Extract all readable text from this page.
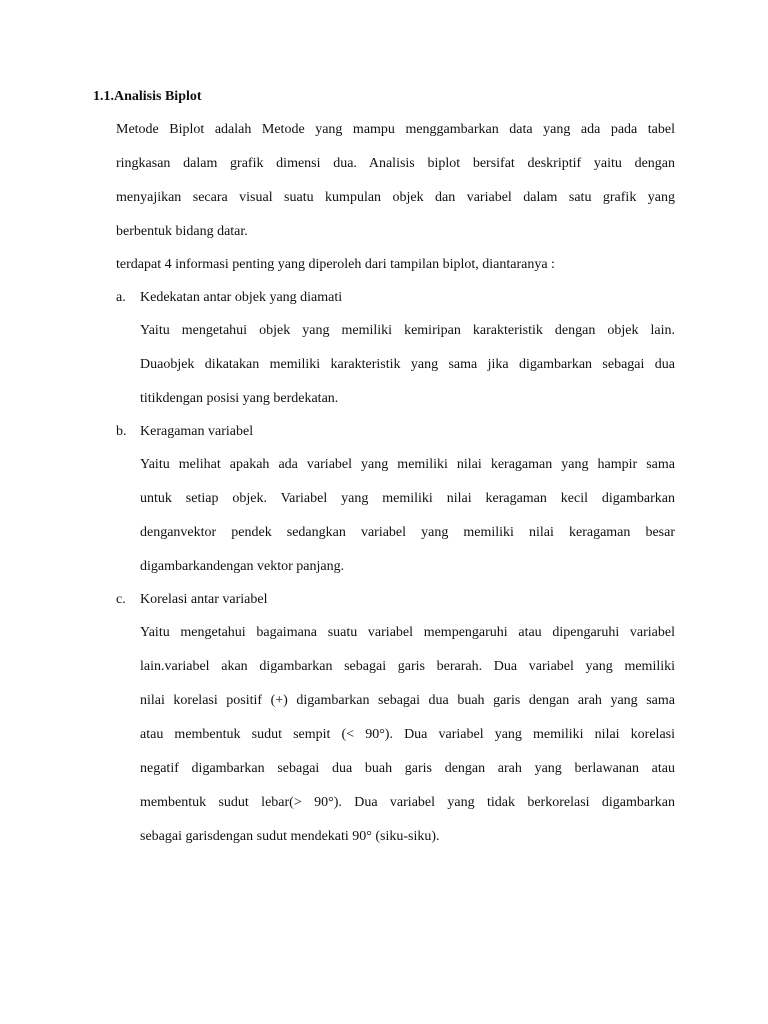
1.1.Analisis Biplot
Metode Biplot adalah Metode yang mampu menggambarkan data yang ada pada tabel
ringkasan dalam grafik dimensi dua. Analisis biplot bersifat deskriptif yaitu dengan
menyajikan secara visual suatu kumpulan objek dan variabel dalam satu grafik yang
berbentuk bidang datar.
terdapat 4 informasi penting yang diperoleh dari tampilan biplot, diantaranya :
a. Kedekatan antar objek yang diamati
Yaitu mengetahui objek yang memiliki kemiripan karakteristik dengan objek lain.
Duaobjek dikatakan memiliki karakteristik yang sama jika digambarkan sebagai dua
titikdengan posisi yang berdekatan.
b. Keragaman variabel
Yaitu melihat apakah ada variabel yang memiliki nilai keragaman yang hampir sama
untuk setiap objek. Variabel yang memiliki nilai keragaman kecil digambarkan
denganvektor pendek sedangkan variabel yang memiliki nilai keragaman besar
digambarkandengan vektor panjang.
c. Korelasi antar variabel
Yaitu mengetahui bagaimana suatu variabel mempengaruhi atau dipengaruhi variabel
lain.variabel akan digambarkan sebagai garis berarah. Dua variabel yang memiliki
nilai korelasi positif (+) digambarkan sebagai dua buah garis dengan arah yang sama
atau membentuk sudut sempit (< 90°). Dua variabel yang memiliki nilai korelasi
negatif digambarkan sebagai dua buah garis dengan arah yang berlawanan atau
membentuk sudut lebar(> 90°). Dua variabel yang tidak berkorelasi digambarkan
sebagai garisdengan sudut mendekati 90° (siku-siku).
